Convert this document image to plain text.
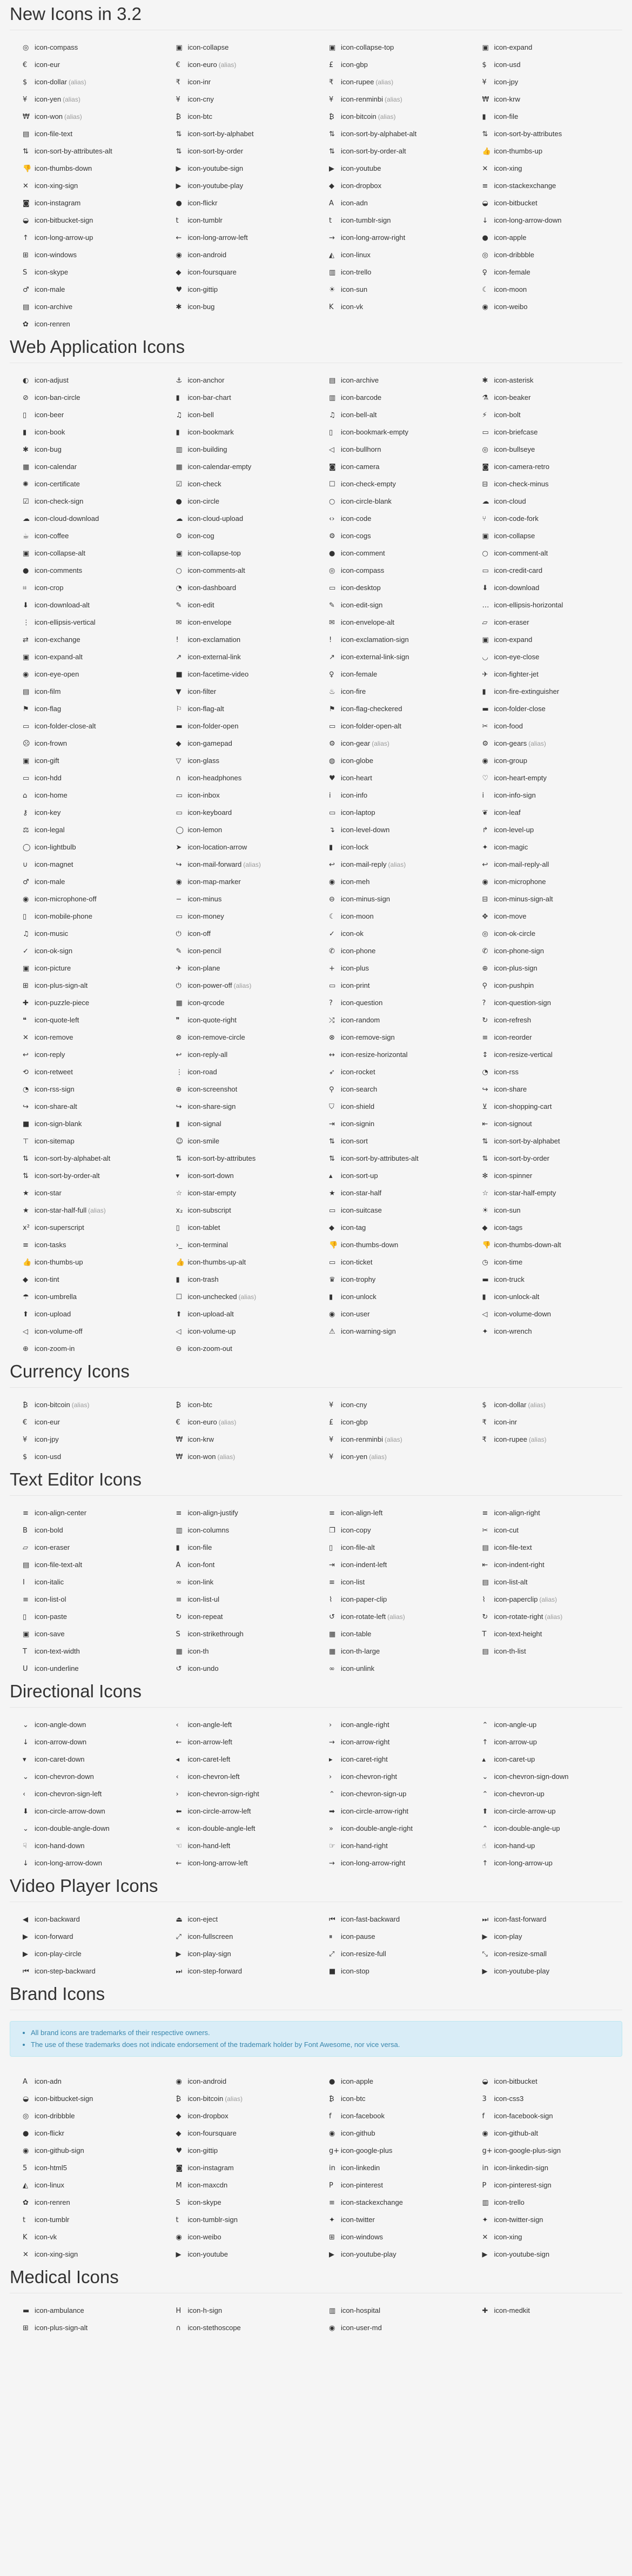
New Icons in 3.2
◎ icon-compass	▣ icon-collapse	▣ icon-collapse-top	▣ icon-expand
€ icon-eur	€ icon-euro (alias)	£ icon-gbp	$ icon-usd
$ icon-dollar (alias)	₹ icon-inr	₹ icon-rupee (alias)	¥ icon-jpy
¥ icon-yen (alias)	¥ icon-cny	¥ icon-renminbi (alias)	₩ icon-krw
₩ icon-won (alias)	₿ icon-btc	₿ icon-bitcoin (alias)	▮ icon-file
▤ icon-file-text	⇅ icon-sort-by-alphabet	⇅ icon-sort-by-alphabet-alt	⇅ icon-sort-by-attributes
⇅ icon-sort-by-attributes-alt	⇅ icon-sort-by-order	⇅ icon-sort-by-order-alt	👍 icon-thumbs-up
👎 icon-thumbs-down	▶ icon-youtube-sign	▶ icon-youtube	✕ icon-xing
✕ icon-xing-sign	▶ icon-youtube-play	◆ icon-dropbox	≡ icon-stackexchange
◙ icon-instagram	● icon-flickr	A icon-adn	◒ icon-bitbucket
◒ icon-bitbucket-sign	t icon-tumblr	t icon-tumblr-sign	↓ icon-long-arrow-down
↑ icon-long-arrow-up	← icon-long-arrow-left	→ icon-long-arrow-right	● icon-apple
⊞ icon-windows	◉ icon-android	◭ icon-linux	◎ icon-dribbble
S icon-skype	◆ icon-foursquare	▥ icon-trello	♀ icon-female
♂ icon-male	♥ icon-gittip	☀ icon-sun	☾ icon-moon
▤ icon-archive	✱ icon-bug	K icon-vk	◉ icon-weibo
✿ icon-renren
Web Application Icons
◐ icon-adjust	⚓ icon-anchor	▤ icon-archive	✱ icon-asterisk
⊘ icon-ban-circle	▮ icon-bar-chart	▥ icon-barcode	⚗ icon-beaker
▯ icon-beer	♫ icon-bell	♫ icon-bell-alt	⚡ icon-bolt
▮ icon-book	▮ icon-bookmark	▯ icon-bookmark-empty	▭ icon-briefcase
✱ icon-bug	▥ icon-building	◁ icon-bullhorn	◎ icon-bullseye
▦ icon-calendar	▦ icon-calendar-empty	◙ icon-camera	◙ icon-camera-retro
✺ icon-certificate	☑ icon-check	☐ icon-check-empty	⊟ icon-check-minus
☑ icon-check-sign	● icon-circle	○ icon-circle-blank	☁ icon-cloud
☁ icon-cloud-download	☁ icon-cloud-upload	‹› icon-code	⑂ icon-code-fork
☕ icon-coffee	⚙ icon-cog	⚙ icon-cogs	▣ icon-collapse
▣ icon-collapse-alt	▣ icon-collapse-top	● icon-comment	○ icon-comment-alt
● icon-comments	○ icon-comments-alt	◎ icon-compass	▭ icon-credit-card
⌗ icon-crop	◔ icon-dashboard	▭ icon-desktop	⬇ icon-download
⬇ icon-download-alt	✎ icon-edit	✎ icon-edit-sign	… icon-ellipsis-horizontal
⋮ icon-ellipsis-vertical	✉ icon-envelope	✉ icon-envelope-alt	▱ icon-eraser
⇄ icon-exchange	! icon-exclamation	! icon-exclamation-sign	▣ icon-expand
▣ icon-expand-alt	↗ icon-external-link	↗ icon-external-link-sign	◡ icon-eye-close
◉ icon-eye-open	■ icon-facetime-video	♀ icon-female	✈ icon-fighter-jet
▤ icon-film	▼ icon-filter	♨ icon-fire	▮ icon-fire-extinguisher
⚑ icon-flag	⚐ icon-flag-alt	⚑ icon-flag-checkered	▬ icon-folder-close
▭ icon-folder-close-alt	▬ icon-folder-open	▭ icon-folder-open-alt	✂ icon-food
☹ icon-frown	◆ icon-gamepad	⚙ icon-gear (alias)	⚙ icon-gears (alias)
▣ icon-gift	▽ icon-glass	◍ icon-globe	◉ icon-group
▭ icon-hdd	∩ icon-headphones	♥ icon-heart	♡ icon-heart-empty
⌂ icon-home	▭ icon-inbox	i icon-info	i icon-info-sign
⚷ icon-key	▭ icon-keyboard	▭ icon-laptop	❦ icon-leaf
⚖ icon-legal	◯ icon-lemon	↴ icon-level-down	↱ icon-level-up
◯ icon-lightbulb	➤ icon-location-arrow	▮ icon-lock	✦ icon-magic
∪ icon-magnet	↪ icon-mail-forward (alias)	↩ icon-mail-reply (alias)	↩ icon-mail-reply-all
♂ icon-male	◉ icon-map-marker	◉ icon-meh	◉ icon-microphone
◉ icon-microphone-off	− icon-minus	⊖ icon-minus-sign	⊟ icon-minus-sign-alt
▯ icon-mobile-phone	▭ icon-money	☾ icon-moon	✥ icon-move
♫ icon-music	⏻ icon-off	✓ icon-ok	◎ icon-ok-circle
✓ icon-ok-sign	✎ icon-pencil	✆ icon-phone	✆ icon-phone-sign
▣ icon-picture	✈ icon-plane	+ icon-plus	⊕ icon-plus-sign
⊞ icon-plus-sign-alt	⏻ icon-power-off (alias)	▭ icon-print	⚲ icon-pushpin
✚ icon-puzzle-piece	▦ icon-qrcode	? icon-question	? icon-question-sign
❝ icon-quote-left	❞ icon-quote-right	⤭ icon-random	↻ icon-refresh
✕ icon-remove	⊗ icon-remove-circle	⊗ icon-remove-sign	≡ icon-reorder
↩ icon-reply	↩ icon-reply-all	↔ icon-resize-horizontal	↕ icon-resize-vertical
⟲ icon-retweet	⋮ icon-road	➶ icon-rocket	◔ icon-rss
◔ icon-rss-sign	⊕ icon-screenshot	⚲ icon-search	↪ icon-share
↪ icon-share-alt	↪ icon-share-sign	⛉ icon-shield	⊻ icon-shopping-cart
■ icon-sign-blank	▮ icon-signal	⇥ icon-signin	⇤ icon-signout
⊤ icon-sitemap	☺ icon-smile	⇅ icon-sort	⇅ icon-sort-by-alphabet
⇅ icon-sort-by-alphabet-alt	⇅ icon-sort-by-attributes	⇅ icon-sort-by-attributes-alt	⇅ icon-sort-by-order
⇅ icon-sort-by-order-alt	▾ icon-sort-down	▴ icon-sort-up	✻ icon-spinner
★ icon-star	☆ icon-star-empty	★ icon-star-half	☆ icon-star-half-empty
★ icon-star-half-full (alias)	x₂ icon-subscript	▭ icon-suitcase	☀ icon-sun
x² icon-superscript	▯ icon-tablet	◆ icon-tag	◆ icon-tags
≡ icon-tasks	›_ icon-terminal	👎 icon-thumbs-down	👎 icon-thumbs-down-alt
👍 icon-thumbs-up	👍 icon-thumbs-up-alt	▭ icon-ticket	◷ icon-time
◆ icon-tint	▮ icon-trash	♛ icon-trophy	▬ icon-truck
☂ icon-umbrella	☐ icon-unchecked (alias)	▮ icon-unlock	▮ icon-unlock-alt
⬆ icon-upload	⬆ icon-upload-alt	◉ icon-user	◁ icon-volume-down
◁ icon-volume-off	◁ icon-volume-up	⚠ icon-warning-sign	✦ icon-wrench
⊕ icon-zoom-in	⊖ icon-zoom-out
Currency Icons
₿ icon-bitcoin (alias)	₿ icon-btc	¥ icon-cny	$ icon-dollar (alias)
€ icon-eur	€ icon-euro (alias)	£ icon-gbp	₹ icon-inr
¥ icon-jpy	₩ icon-krw	¥ icon-renminbi (alias)	₹ icon-rupee (alias)
$ icon-usd	₩ icon-won (alias)	¥ icon-yen (alias)
Text Editor Icons
≡ icon-align-center	≡ icon-align-justify	≡ icon-align-left	≡ icon-align-right
B icon-bold	▥ icon-columns	❐ icon-copy	✂ icon-cut
▱ icon-eraser	▮ icon-file	▯ icon-file-alt	▤ icon-file-text
▤ icon-file-text-alt	A icon-font	⇥ icon-indent-left	⇤ icon-indent-right
I icon-italic	∞ icon-link	≡ icon-list	▤ icon-list-alt
≡ icon-list-ol	≡ icon-list-ul	⌇ icon-paper-clip	⌇ icon-paperclip (alias)
▯ icon-paste	↻ icon-repeat	↺ icon-rotate-left (alias)	↻ icon-rotate-right (alias)
▣ icon-save	S icon-strikethrough	▦ icon-table	T icon-text-height
T icon-text-width	▦ icon-th	▦ icon-th-large	▤ icon-th-list
U icon-underline	↺ icon-undo	∞ icon-unlink
Directional Icons
⌄ icon-angle-down	‹ icon-angle-left	› icon-angle-right	⌃ icon-angle-up
↓ icon-arrow-down	← icon-arrow-left	→ icon-arrow-right	↑ icon-arrow-up
▾ icon-caret-down	◂ icon-caret-left	▸ icon-caret-right	▴ icon-caret-up
⌄ icon-chevron-down	‹ icon-chevron-left	› icon-chevron-right	⌄ icon-chevron-sign-down
‹ icon-chevron-sign-left	› icon-chevron-sign-right	⌃ icon-chevron-sign-up	⌃ icon-chevron-up
⬇ icon-circle-arrow-down	⬅ icon-circle-arrow-left	➡ icon-circle-arrow-right	⬆ icon-circle-arrow-up
⌄ icon-double-angle-down	« icon-double-angle-left	» icon-double-angle-right	⌃ icon-double-angle-up
☟ icon-hand-down	☜ icon-hand-left	☞ icon-hand-right	☝ icon-hand-up
↓ icon-long-arrow-down	← icon-long-arrow-left	→ icon-long-arrow-right	↑ icon-long-arrow-up
Video Player Icons
◀ icon-backward	⏏ icon-eject	⏮ icon-fast-backward	⏭ icon-fast-forward
▶ icon-forward	⤢ icon-fullscreen	⏸ icon-pause	▶ icon-play
▶ icon-play-circle	▶ icon-play-sign	⤢ icon-resize-full	⤡ icon-resize-small
⏮ icon-step-backward	⏭ icon-step-forward	■ icon-stop	▶ icon-youtube-play
Brand Icons
• All brand icons are trademarks of their respective owners.
• The use of these trademarks does not indicate endorsement of the trademark holder by Font Awesome, nor vice versa.
A icon-adn	◉ icon-android	● icon-apple	◒ icon-bitbucket
◒ icon-bitbucket-sign	₿ icon-bitcoin (alias)	₿ icon-btc	3 icon-css3
◎ icon-dribbble	◆ icon-dropbox	f icon-facebook	f icon-facebook-sign
● icon-flickr	◆ icon-foursquare	◉ icon-github	◉ icon-github-alt
◉ icon-github-sign	♥ icon-gittip	g+ icon-google-plus	g+ icon-google-plus-sign
5 icon-html5	◙ icon-instagram	in icon-linkedin	in icon-linkedin-sign
◭ icon-linux	M icon-maxcdn	P icon-pinterest	P icon-pinterest-sign
✿ icon-renren	S icon-skype	≡ icon-stackexchange	▥ icon-trello
t icon-tumblr	t icon-tumblr-sign	✦ icon-twitter	✦ icon-twitter-sign
K icon-vk	◉ icon-weibo	⊞ icon-windows	✕ icon-xing
✕ icon-xing-sign	▶ icon-youtube	▶ icon-youtube-play	▶ icon-youtube-sign
Medical Icons
▬ icon-ambulance	H icon-h-sign	▥ icon-hospital	✚ icon-medkit
⊞ icon-plus-sign-alt	∩ icon-stethoscope	◉ icon-user-md
